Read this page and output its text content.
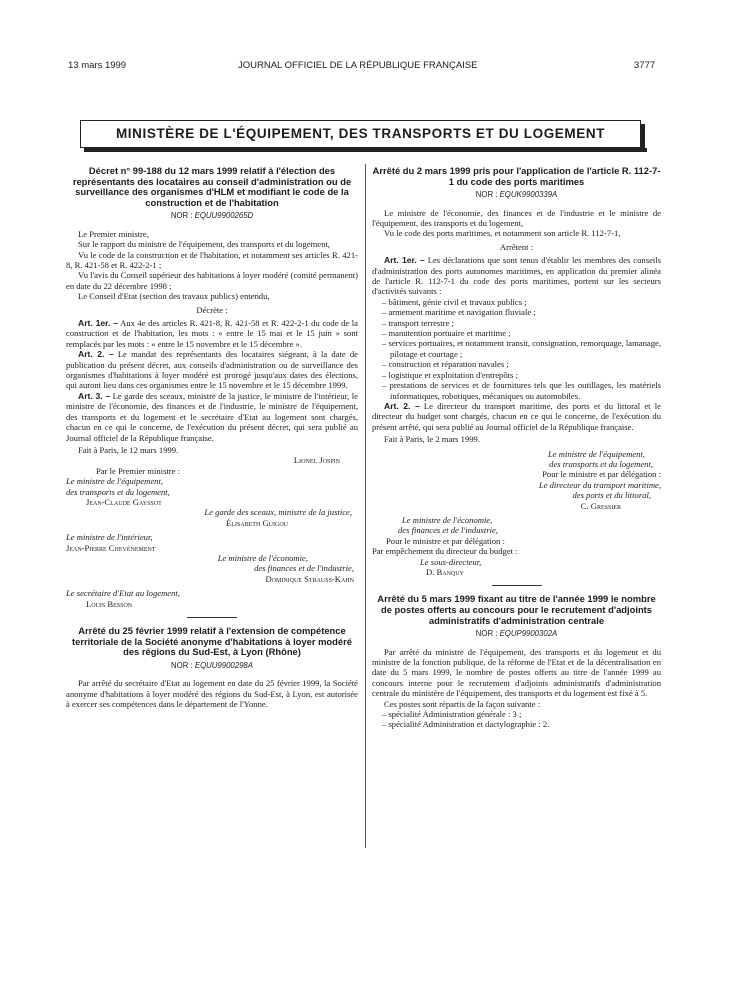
13 mars 1999	JOURNAL OFFICIEL DE LA RÉPUBLIQUE FRANÇAISE	3777
MINISTÈRE DE L'ÉQUIPEMENT, DES TRANSPORTS ET DU LOGEMENT
Décret n° 99-188 du 12 mars 1999 relatif à l'élection des représentants des locataires au conseil d'administration ou de surveillance des organismes d'HLM et modifiant le code de la construction et de l'habitation
NOR : EQUU9900265D

Le Premier ministre,

Sur le rapport du ministre de l'équipement, des transports et du logement,

Vu le code de la construction et de l'habitation, et notamment ses articles R. 421-8, R. 421-58 et R. 422-2-1 ;

Vu l'avis du Conseil supérieur des habitations à loyer modéré (comité permanent) en date du 22 décembre 1998 ;

Le Conseil d'Etat (section des travaux publics) entendu,

Décrète :

Art. 1er. – Aux 4e des articles R. 421-8, R. 421-58 et R. 422-2-1 du code de la construction et de l'habitation, les mots : « entre le 15 mai et le 15 juin » sont remplacés par les mots : « entre le 15 novembre et le 15 décembre ».

Art. 2. – Le mandat des représentants des locataires siégeant, à la date de publication du présent décret, aux conseils d'administration ou de surveillance des organismes d'habitations à loyer modéré est prorogé jusqu'aux dates des élections, qui auront lieu dans ces organismes entre le 15 novembre et le 15 décembre 1999.

Art. 3. – Le garde des sceaux, ministre de la justice, le ministre de l'intérieur, le ministre de l'économie, des finances et de l'industrie, le ministre de l'équipement, des transports et du logement et le secrétaire d'Etat au logement sont chargés, chacun en ce qui le concerne, de l'exécution du présent décret, qui sera publié au Journal officiel de la République française.

Fait à Paris, le 12 mars 1999.

Lionel Jospin
Par le Premier ministre :
Le ministre de l'équipement,
des transports et du logement,
Jean-Claude Gayssot
Le garde des sceaux, ministre de la justice,
Élisabeth Guigou
Le ministre de l'intérieur,
Jean-Pierre Chevènement
Le ministre de l'économie,
des finances et de l'industrie,
Dominique Strauss-Kahn
Le secrétaire d'Etat au logement,
Louis Besson
Arrêté du 25 février 1999 relatif à l'extension de compétence territoriale de la Société anonyme d'habitations à loyer modéré des régions du Sud-Est, à Lyon (Rhône)
NOR : EQUU9900298A

Par arrêté du secrétaire d'Etat au logement en date du 25 février 1999, la Société anonyme d'habitations à loyer modéré des régions du Sud-Est, à Lyon, est autorisée à exercer ses compétences dans le département de l'Yonne.

Arrêté du 2 mars 1999 pris pour l'application de l'article R. 112-7-1 du code des ports maritimes
NOR : EQUK9900339A

Le ministre de l'économie, des finances et de l'industrie et le ministre de l'équipement, des transports et du logement,

Vu le code des ports maritimes, et notamment son article R. 112-7-1,

Arrêtent :

Art. 1er. – Les déclarations que sont tenus d'établir les membres des conseils d'administration des ports autonomes maritimes, en application du premier alinéa de l'article R. 112-7-1 du code des ports maritimes, portent sur les secteurs d'activités suivants :

– bâtiment, génie civil et travaux publics ;
– armement maritime et navigation fluviale ;
– transport terrestre ;
– manutention portuaire et maritime ;
– services portuaires, et notamment transit, consignation, remorquage, lamanage, pilotage et courtage ;
– construction et réparation navales ;
– logistique et exploitation d'entrepôts ;
– prestations de services et de fournitures tels que les outillages, les matériels informatiques, robotiques, mécaniques ou automobiles.

Art. 2. – Le directeur du transport maritime, des ports et du littoral et le directeur du budget sont chargés, chacun en ce qui le concerne, de l'exécution du présent arrêté, qui sera publié au Journal officiel de la République française.

Fait à Paris, le 2 mars 1999.

Le ministre de l'équipement,
des transports et du logement,
Pour le ministre et par délégation :
Le directeur du transport maritime,
des ports et du littoral,
C. Gressier
Le ministre de l'économie,
des finances et de l'industrie,
Pour le ministre et par délégation :
Par empêchement du directeur du budget :
Le sous-directeur,
D. Banquy
Arrêté du 5 mars 1999 fixant au titre de l'année 1999 le nombre de postes offerts au concours pour le recrutement d'adjoints administratifs d'administration centrale
NOR : EQUP9900302A

Par arrêté du ministre de l'équipement, des transports et du logement et du ministre de la fonction publique, de la réforme de l'Etat et de la décentralisation en date du 5 mars 1999, le nombre de postes offerts au titre de l'année 1999 au concours interne pour le recrutement d'adjoints administratifs d'administration centrale du ministère de l'équipement, des transports et du logement est fixé à 5.

Ces postes sont répartis de la façon suivante :

– spécialité Administration générale : 3 ;
– spécialité Administration et dactylographie : 2.
